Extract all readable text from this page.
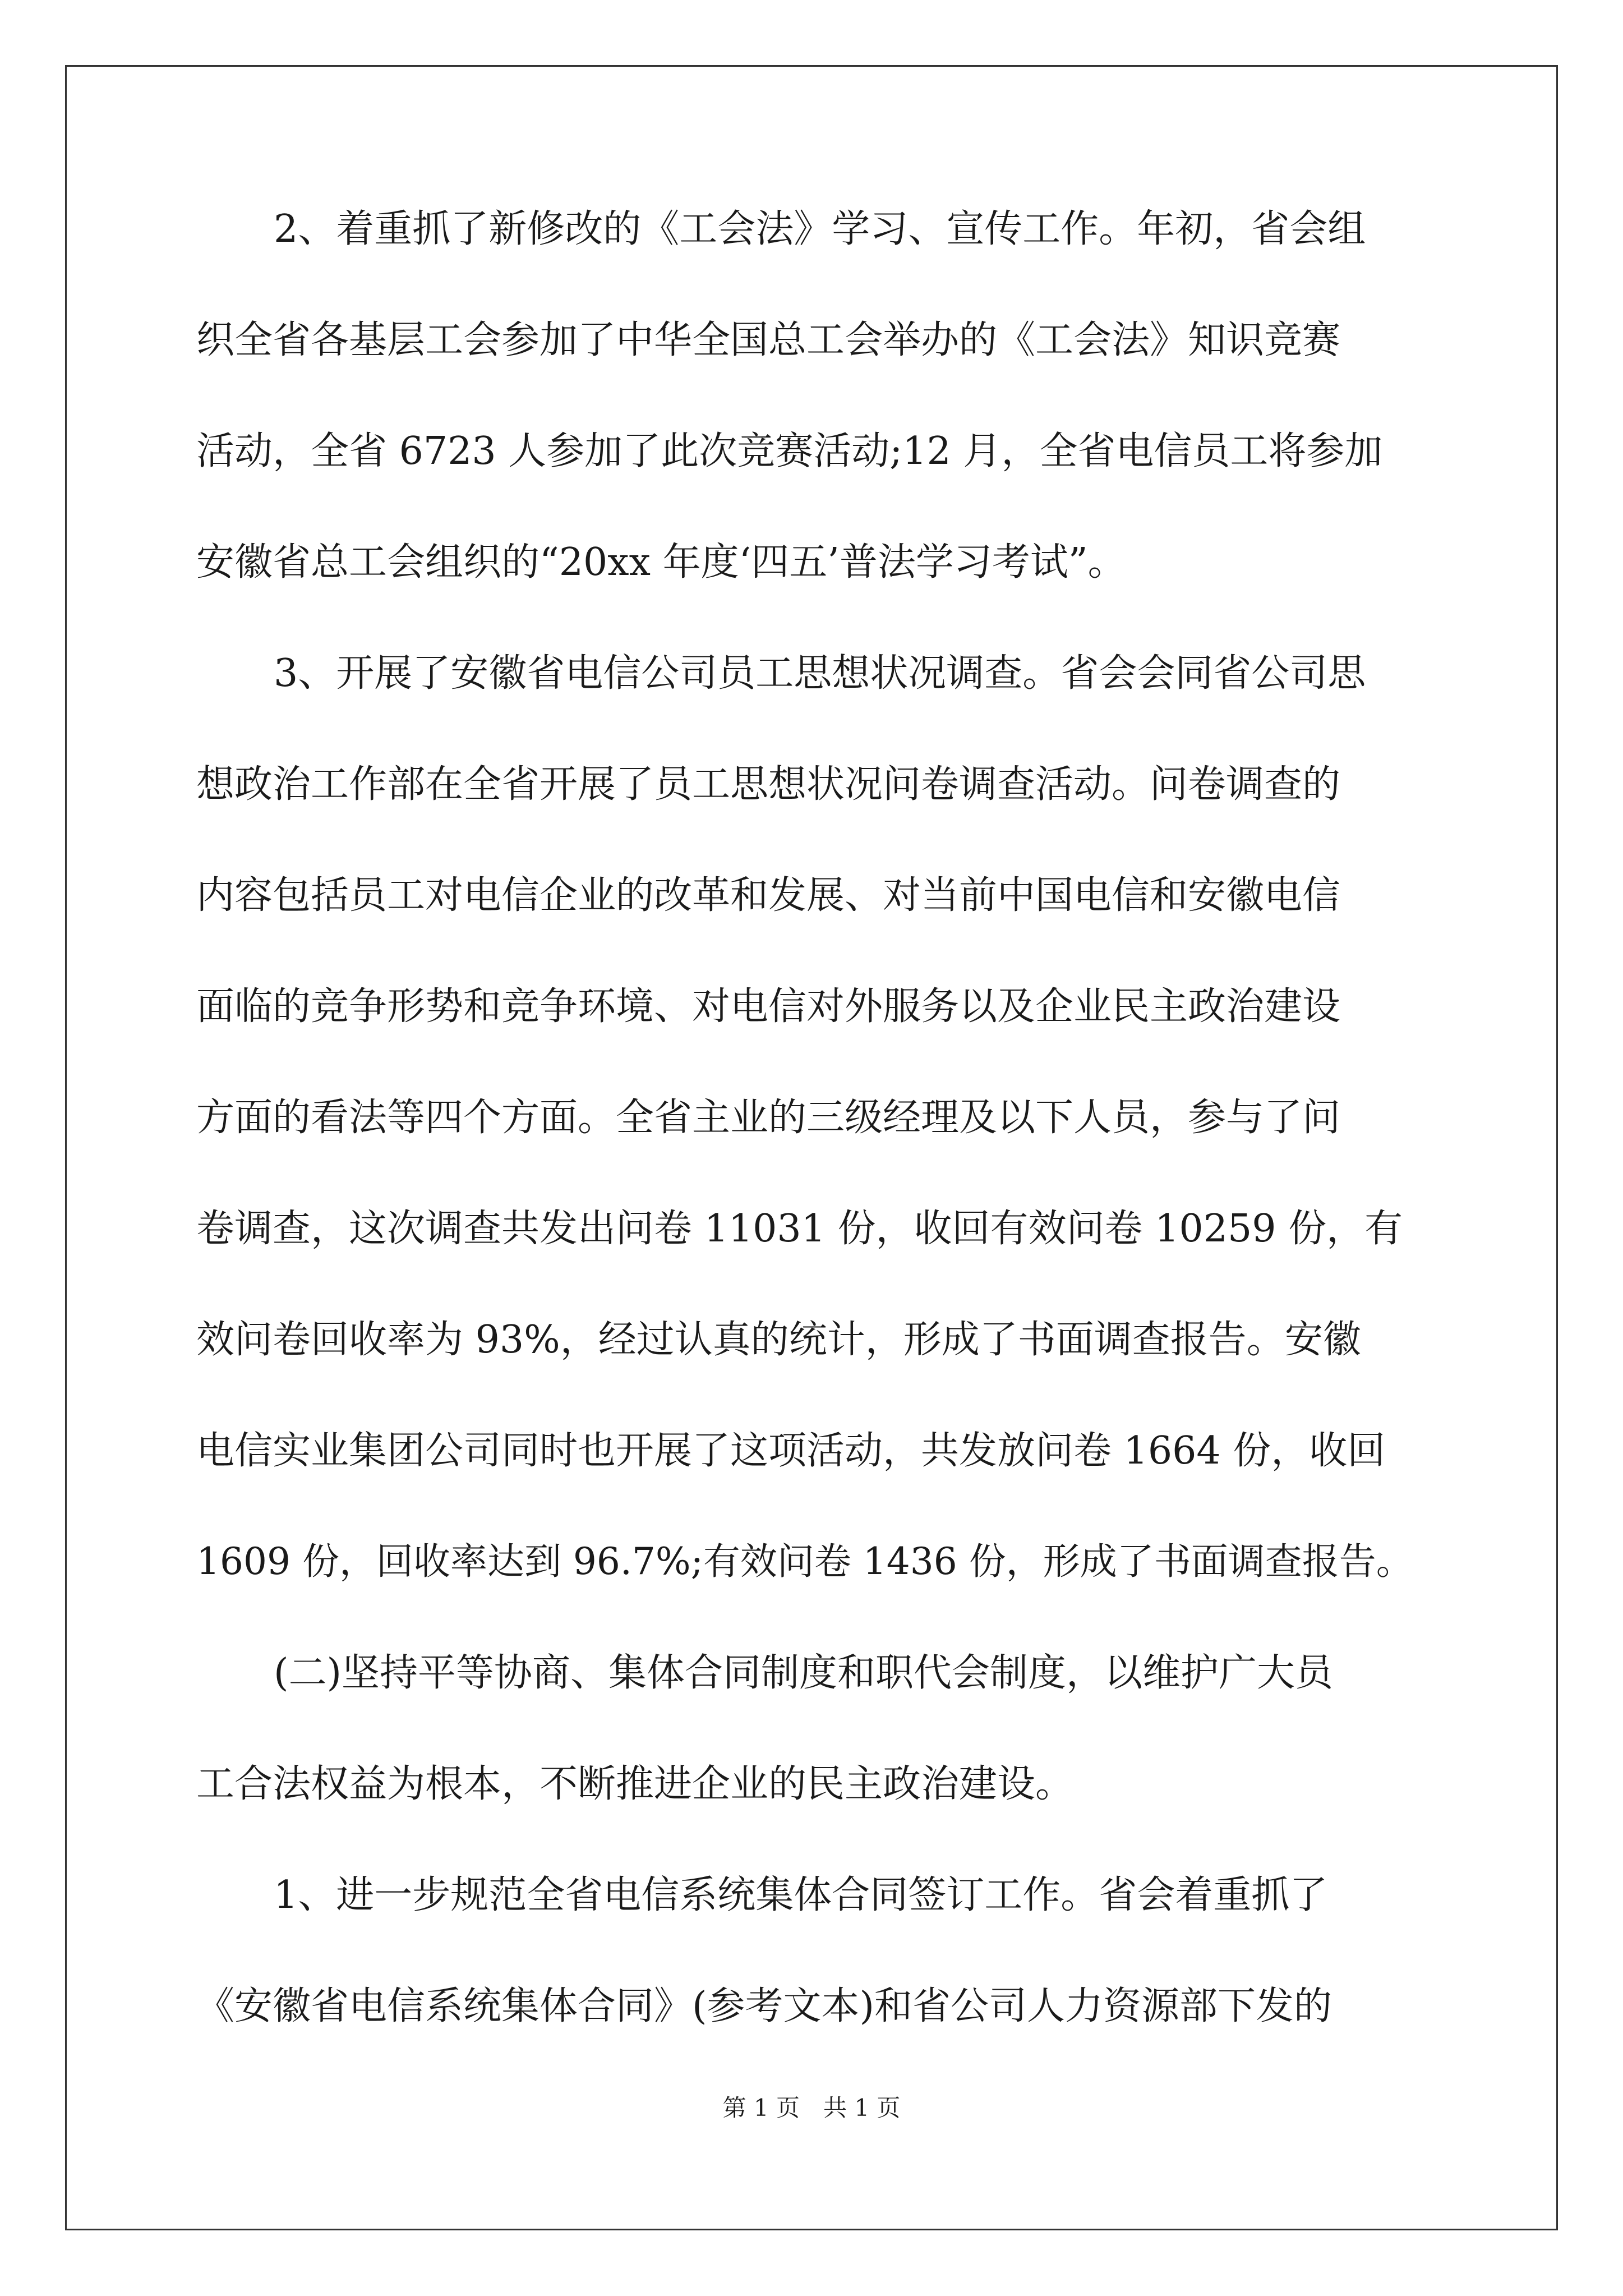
2、着重抓了新修改的《工会法》学习、宣传工作。年初，省会组
织全省各基层工会参加了中华全国总工会举办的《工会法》知识竞赛
活动，全省 6723 人参加了此次竞赛活动;12 月，全省电信员工将参加
安徽省总工会组织的“20xx 年度‘四五’普法学习考试”。
3、开展了安徽省电信公司员工思想状况调查。省会会同省公司思
想政治工作部在全省开展了员工思想状况问卷调查活动。问卷调查的
内容包括员工对电信企业的改革和发展、对当前中国电信和安徽电信
面临的竞争形势和竞争环境、对电信对外服务以及企业民主政治建设
方面的看法等四个方面。全省主业的三级经理及以下人员，参与了问
卷调查，这次调查共发出问卷 11031 份，收回有效问卷 10259 份，有
效问卷回收率为 93%，经过认真的统计，形成了书面调查报告。安徽
电信实业集团公司同时也开展了这项活动，共发放问卷 1664 份，收回
1609 份，回收率达到 96.7%;有效问卷 1436 份，形成了书面调查报告。
(二)坚持平等协商、集体合同制度和职代会制度，以维护广大员
工合法权益为根本，不断推进企业的民主政治建设。
1、进一步规范全省电信系统集体合同签订工作。省会着重抓了
《安徽省电信系统集体合同》(参考文本)和省公司人力资源部下发的
第 1 页　共 1 页
